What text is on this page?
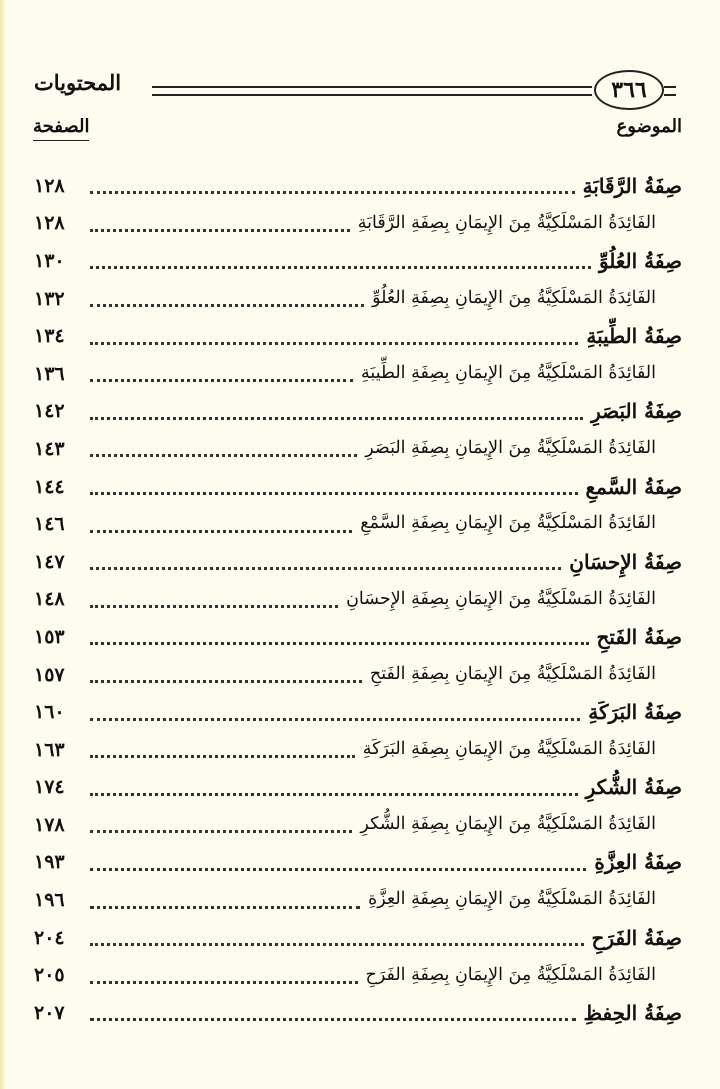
المحتويات	٣٦٦
الموضوع
الصفحة
صِفَةُ الرَّقَابَةِ
١٢٨
الفَائِدَةُ المَسْلَكِيَّةُ مِنَ الإِيمَانِ بِصِفَةِ الرَّقَابَةِ
١٢٨
صِفَةُ العُلُوِّ
١٣٠
الفَائِدَةُ المَسْلَكِيَّةُ مِنَ الإِيمَانِ بِصِفَةِ العُلُوِّ
١٣٢
صِفَةُ الطِّيبَةِ
١٣٤
الفَائِدَةُ المَسْلَكِيَّةُ مِنَ الإِيمَانِ بِصِفَةِ الطِّيبَةِ
١٣٦
صِفَةُ البَصَرِ
١٤٢
الفَائِدَةُ المَسْلَكِيَّةُ مِنَ الإِيمَانِ بِصِفَةِ البَصَرِ
١٤٣
صِفَةُ السَّمعِ
١٤٤
الفَائِدَةُ المَسْلَكِيَّةُ مِنَ الإِيمَانِ بِصِفَةِ السَّمْعِ
١٤٦
صِفَةُ الإِحسَانِ
١٤٧
الفَائِدَةُ المَسْلَكِيَّةُ مِنَ الإِيمَانِ بِصِفَةِ الإِحسَانِ
١٤٨
صِفَةُ الفَتحِ
١٥٣
الفَائِدَةُ المَسْلَكِيَّةُ مِنَ الإِيمَانِ بِصِفَةِ الفَتحِ
١٥٧
صِفَةُ البَرَكَةِ
١٦٠
الفَائِدَةُ المَسْلَكِيَّةُ مِنَ الإِيمَانِ بِصِفَةِ البَرَكَةِ
١٦٣
صِفَةُ الشُّكرِ
١٧٤
الفَائِدَةُ المَسْلَكِيَّةُ مِنَ الإِيمَانِ بِصِفَةِ الشُّكرِ
١٧٨
صِفَةُ العِزَّةِ
١٩٣
الفَائِدَةُ المَسْلَكِيَّةُ مِنَ الإِيمَانِ بِصِفَةِ العِزَّةِ
١٩٦
صِفَةُ الفَرَحِ
٢٠٤
الفَائِدَةُ المَسْلَكِيَّةُ مِنَ الإِيمَانِ بِصِفَةِ الفَرَحِ
٢٠٥
صِفَةُ الحِفظِ
٢٠٧
